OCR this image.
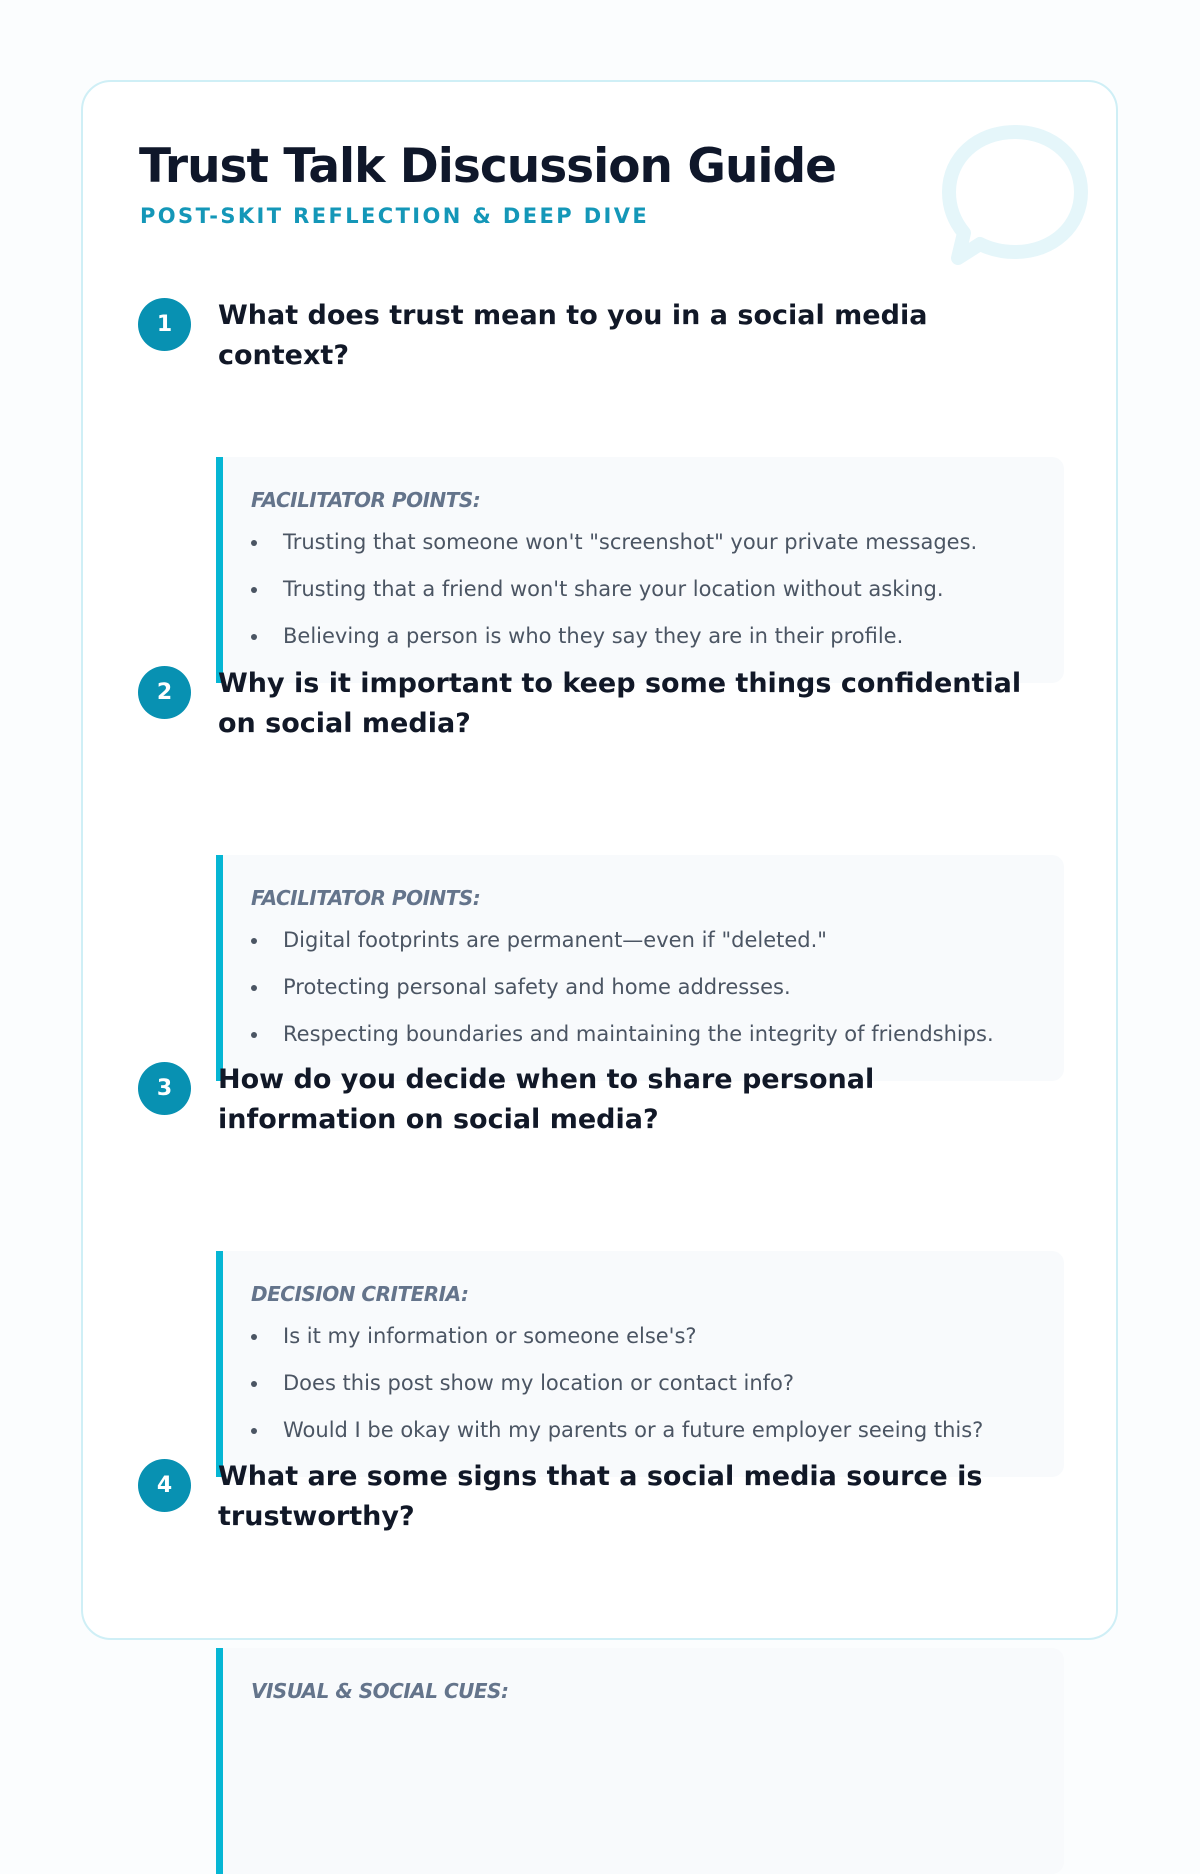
Trust Talk Discussion Guide

POST-SKIT REFLECTION & DEEP DIVE

1	What does trust mean to you in a social media context?

FACILITATOR POINTS:

Trusting that someone won't "screenshot" your private messages.
Trusting that a friend won't share your location without asking.
Believing a person is who they say they are in their profile.
2	Why is it important to keep some things confidential on social media?

FACILITATOR POINTS:

Digital footprints are permanent—even if "deleted."
Protecting personal safety and home addresses.
Respecting boundaries and maintaining the integrity of friendships.
3	How do you decide when to share personal information on social media?

DECISION CRITERIA:

Is it my information or someone else's?
Does this post show my location or contact info?
Would I be okay with my parents or a future employer seeing this?
4	What are some signs that a social media source is trustworthy?

VISUAL & SOCIAL CUES:
